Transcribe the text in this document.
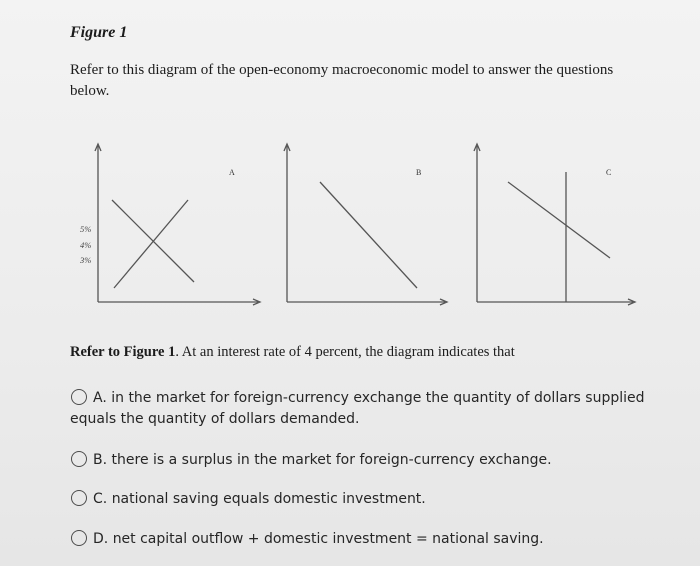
Figure 1
Refer to this diagram of the open-economy macroeconomic model to answer the questions below.
A	B	C
5%
4%
3%
Refer to Figure 1. At an interest rate of 4 percent, the diagram indicates that
A. in the market for foreign-currency exchange the quantity of dollars supplied equals the quantity of dollars demanded.
B. there is a surplus in the market for foreign-currency exchange.
C. national saving equals domestic investment.
D. net capital outflow + domestic investment = national saving.
